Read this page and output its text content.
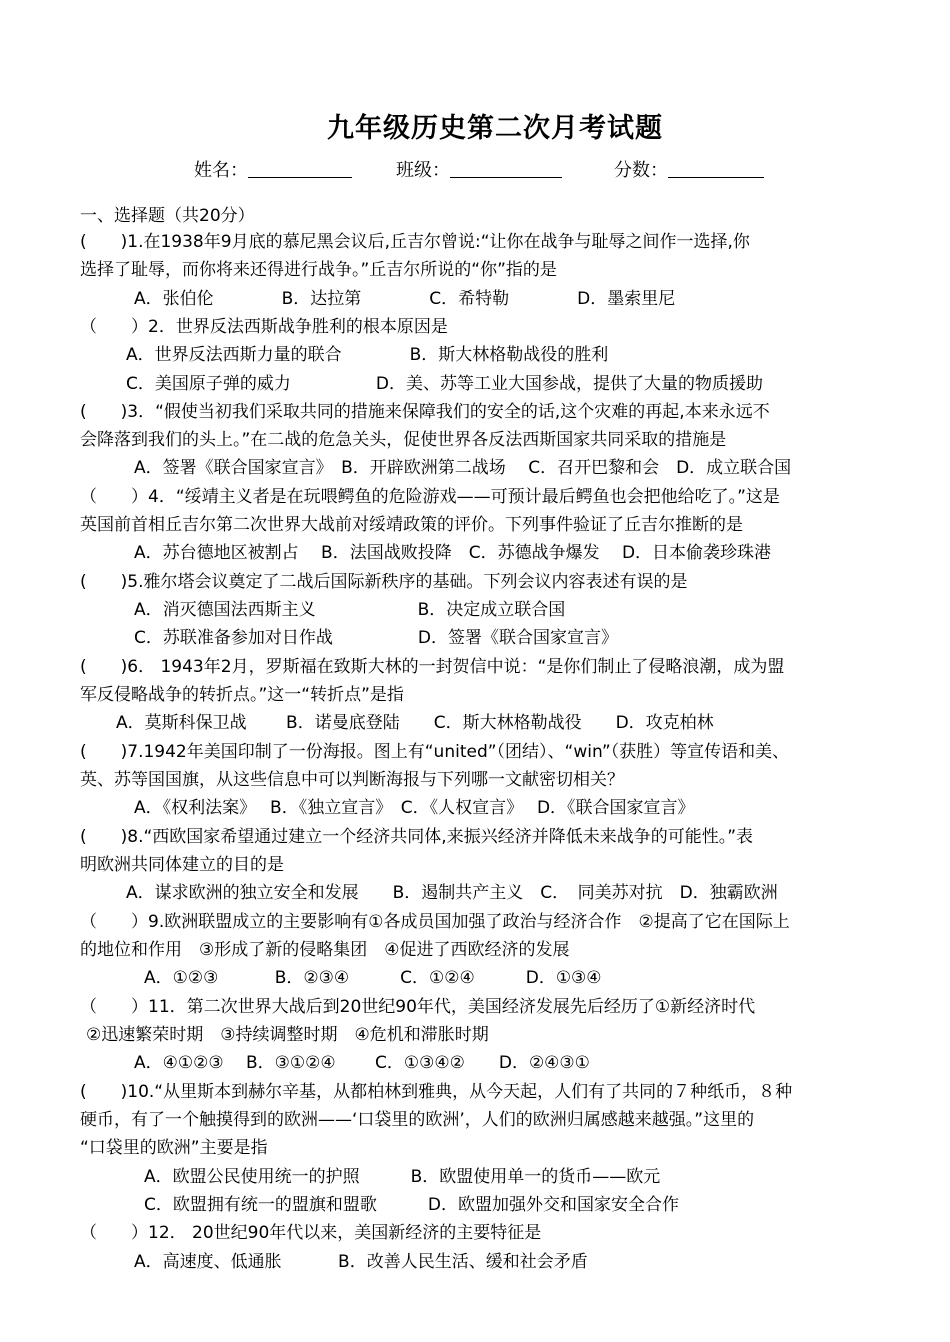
九年级历史第二次月考试题
姓名：	班级：	分数：
一、选择题（共20分）
(　　)1.在1938年9月底的慕尼黑会议后,丘吉尔曾说:“让你在战争与耻辱之间作一选择,你
选择了耻辱，而你将来还得进行战争。”丘吉尔所说的“你”指的是
A．张伯伦　　　　B．达拉第　　　　C．希特勒　　　　D．墨索里尼
（　　）2．世界反法西斯战争胜利的根本原因是
A．世界反法西斯力量的联合　　　　B．斯大林格勒战役的胜利
C．美国原子弹的威力　　　　　D．美、苏等工业大国参战，提供了大量的物质援助
(　　)3．“假使当初我们采取共同的措施来保障我们的安全的话,这个灾难的再起,本来永远不
会降落到我们的头上。”在二战的危急关头，促使世界各反法西斯国家共同采取的措施是
A．签署《联合国家宣言》　B．开辟欧洲第二战场　 C．召开巴黎和会　D．成立联合国
（　　）4．“绥靖主义者是在玩喂鳄鱼的危险游戏——可预计最后鳄鱼也会把他给吃了。”这是
英国前首相丘吉尔第二次世界大战前对绥靖政策的评价。下列事件验证了丘吉尔推断的是
A．苏台德地区被割占　 B．法国战败投降　C．苏德战争爆发　 D．日本偷袭珍珠港
(　　)5.雅尔塔会议奠定了二战后国际新秩序的基础。下列会议内容表述有误的是
A．消灭德国法西斯主义　　　　　　B．决定成立联合国
C．苏联准备参加对日作战　　　　　D．签署《联合国家宣言》
(　　)6． 1943年2月，罗斯福在致斯大林的一封贺信中说：“是你们制止了侵略浪潮，成为盟
军反侵略战争的转折点。”这一“转折点”是指
A．莫斯科保卫战　　 B．诺曼底登陆　　C．斯大林格勒战役　　D．攻克柏林
(　　)7.1942年美国印制了一份海报。图上有“united”（团结）、“win”（获胜）等宣传语和美、
英、苏等国国旗，从这些信息中可以判断海报与下列哪一文献密切相关？
A．《权利法案》　 B．《独立宣言》　C．《人权宣言》　 D．《联合国家宣言》
(　　)8.“西欧国家希望通过建立一个经济共同体,来振兴经济并降低未来战争的可能性。”表
明欧洲共同体建立的目的是
A．谋求欧洲的独立安全和发展　　B．遏制共产主义　C．　同美苏对抗　D．独霸欧洲
（　　）9.欧洲联盟成立的主要影响有①各成员国加强了政治与经济合作　②提高了它在国际上
的地位和作用　③形成了新的侵略集团　④促进了西欧经济的发展
A．①②③　　　 B．②③④　　　C．①②④　　　D．①③④
（　　）11．第二次世界大战后到20世纪90年代，美国经济发展先后经历了①新经济时代
②迅速繁荣时期　③持续调整时期　④危机和滞胀时期
A．④①②③　 B．③①②④　　 C．①③④②　　D．②④③①
(　　)10.“从里斯本到赫尔辛基，从都柏林到雅典，从今天起，人们有了共同的７种纸币，８种
硬币，有了一个触摸得到的欧洲——‘口袋里的欧洲’，人们的欧洲归属感越来越强。”这里的
“口袋里的欧洲”主要是指
A．欧盟公民使用统一的护照　　　B．欧盟使用单一的货币——欧元
C．欧盟拥有统一的盟旗和盟歌　　　D．欧盟加强外交和国家安全合作
（　　）12． 20世纪90年代以来，美国新经济的主要特征是
A．高速度、低通胀　　　 B．改善人民生活、缓和社会矛盾
